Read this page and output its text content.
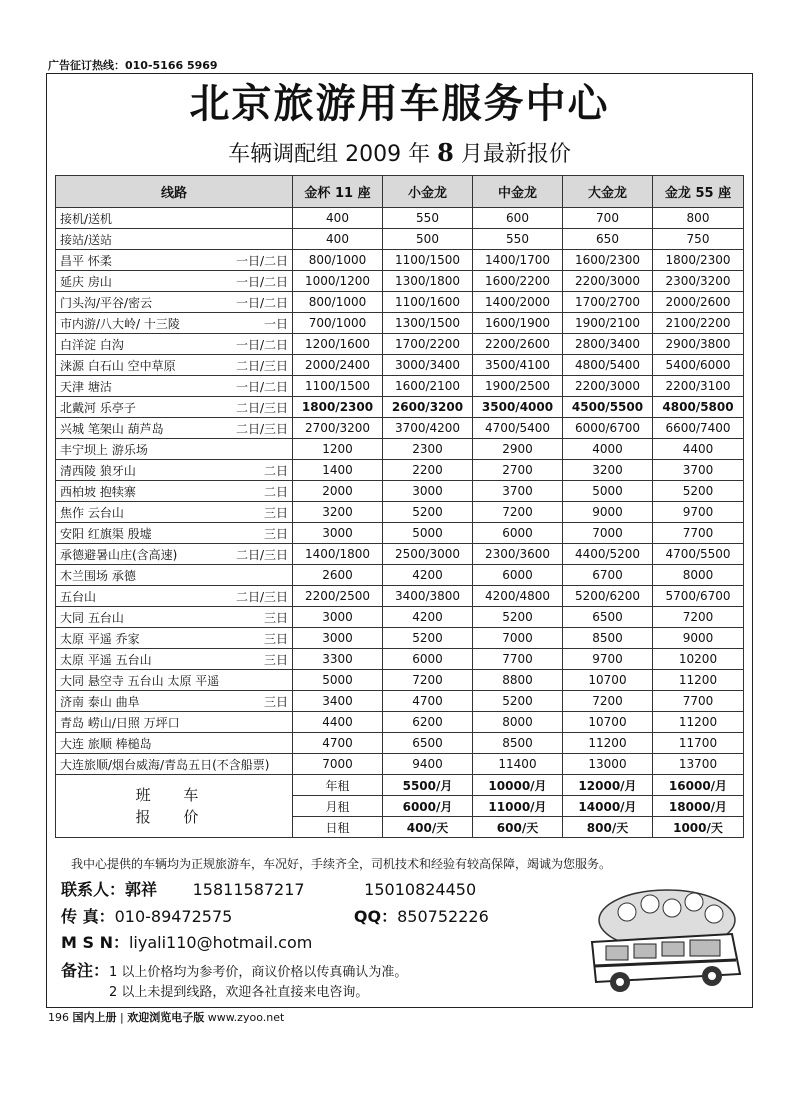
广告征订热线：010-5166 5969
北京旅游用车服务中心
车辆调配组 2009 年 8 月最新报价
线路	金杯 11 座	小金龙	中金龙	大金龙	金龙 55 座	

接机/送机	400	550	600	700	800	

接站/送站	400	500	550	650	750	

昌平 怀柔 一日/二日	800/1000	1100/1500	1400/1700	1600/2300	1800/2300	

延庆 房山 一日/二日	1000/1200	1300/1800	1600/2200	2200/3000	2300/3200	

门头沟/平谷/密云 一日/二日	800/1000	1100/1600	1400/2000	1700/2700	2000/2600	

市内游/八大岭/ 十三陵 一日	700/1000	1300/1500	1600/1900	1900/2100	2100/2200	

白洋淀 白沟 一日/二日	1200/1600	1700/2200	2200/2600	2800/3400	2900/3800	

涞源 白石山 空中草原 二日/三日	2000/2400	3000/3400	3500/4100	4800/5400	5400/6000	

天津 塘沽 一日/二日	1100/1500	1600/2100	1900/2500	2200/3000	2200/3100	

北戴河 乐亭子 二日/三日	1800/2300	2600/3200	3500/4000	4500/5500	4800/5800	

兴城 笔架山 葫芦岛 二日/三日	2700/3200	3700/4200	4700/5400	6000/6700	6600/7400	

丰宁坝上 游乐场	1200	2300	2900	4000	4400	

清西陵 狼牙山 二日	1400	2200	2700	3200	3700	

西柏坡 抱犊寨 二日	2000	3000	3700	5000	5200	

焦作 云台山 三日	3200	5200	7200	9000	9700	

安阳 红旗渠 殷墟 三日	3000	5000	6000	7000	7700	

承德避暑山庄(含高速) 二日/三日	1400/1800	2500/3000	2300/3600	4400/5200	4700/5500	

木兰围场 承德	2600	4200	6000	6700	8000	

五台山 二日/三日	2200/2500	3400/3800	4200/4800	5200/6200	5700/6700	

大同 五台山 三日	3000	4200	5200	6500	7200	

太原 平遥 乔家 三日	3000	5200	7000	8500	9000	

太原 平遥 五台山 三日	3300	6000	7700	9700	10200	

大同 悬空寺 五台山 太原 平遥	5000	7200	8800	10700	11200	

济南 泰山 曲阜 三日	3400	4700	5200	7200	7700	

青岛 崂山/日照 万坪口	4400	6200	8000	10700	11200	

大连 旅顺 棒槌岛	4700	6500	8500	11200	11700	

大连旅顺/烟台威海/青岛五日(不含船票)	7000	9400	11400	13000	13700	

班 车
报 价	年租	5500/月	10000/月	12000/月	16000/月	
	月租	6000/月	11000/月	14000/月	18000/月	
	日租	400/天	600/天	800/天	1000/天	
我中心提供的车辆均为正规旅游车，车况好，手续齐全，司机技术和经验有较高保障，竭诚为您服务。
联系人：郭祥 15811587217	15010824450
传 真：010-89472575	QQ：850752226
M S N：liyali110@hotmail.com
备注：1 以上价格均为参考价，商议价格以传真确认为准。
2 以上未提到线路，欢迎各社直接来电咨询。
196 国内上册 | 欢迎浏览电子版 www.zyoo.net
